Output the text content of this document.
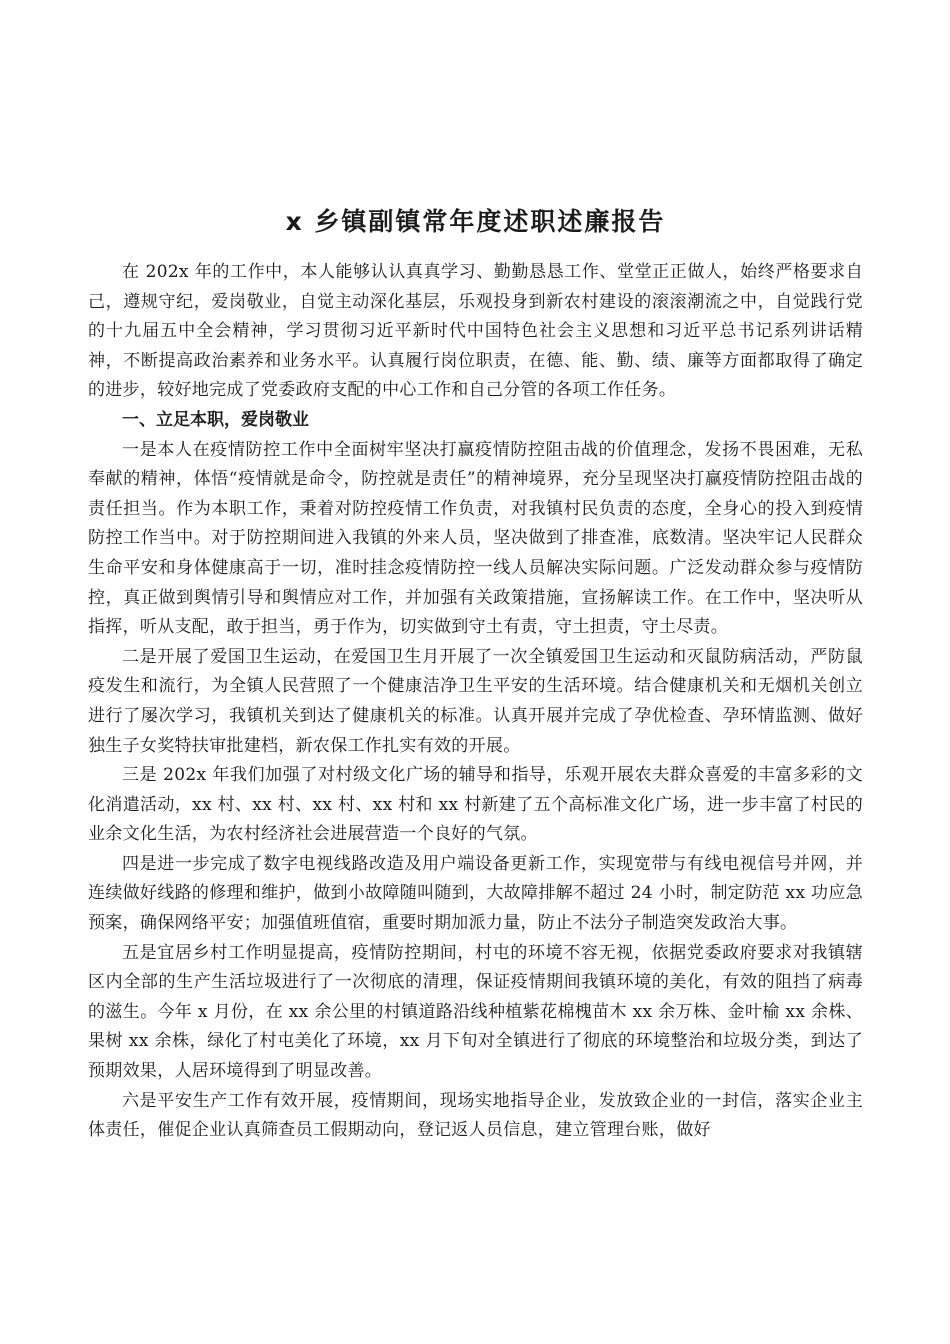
x 乡镇副镇常年度述职述廉报告

在 202x 年的工作中，本人能够认认真真学习、勤勤恳恳工作、堂堂正正做人，始终严格要求自己，遵规守纪，爱岗敬业，自觉主动深化基层，乐观投身到新农村建设的滚滚潮流之中，自觉践行党的十九届五中全会精神，学习贯彻习近平新时代中国特色社会主义思想和习近平总书记系列讲话精神，不断提高政治素养和业务水平。认真履行岗位职责，在德、能、勤、绩、廉等方面都取得了确定的进步，较好地完成了党委政府支配的中心工作和自己分管的各项工作任务。

一、立足本职，爱岗敬业

一是本人在疫情防控工作中全面树牢坚决打赢疫情防控阻击战的价值理念，发扬不畏困难，无私奉献的精神，体悟“疫情就是命令，防控就是责任”的精神境界，充分呈现坚决打赢疫情防控阻击战的责任担当。作为本职工作，秉着对防控疫情工作负责，对我镇村民负责的态度，全身心的投入到疫情防控工作当中。对于防控期间进入我镇的外来人员，坚决做到了排查准，底数清。坚决牢记人民群众生命平安和身体健康高于一切，准时挂念疫情防控一线人员解决实际问题。广泛发动群众参与疫情防控，真正做到舆情引导和舆情应对工作，并加强有关政策措施，宣扬解读工作。在工作中，坚决听从指挥，听从支配，敢于担当，勇于作为，切实做到守土有责，守土担责，守土尽责。

二是开展了爱国卫生运动，在爱国卫生月开展了一次全镇爱国卫生运动和灭鼠防病活动，严防鼠疫发生和流行，为全镇人民营照了一个健康洁净卫生平安的生活环境。结合健康机关和无烟机关创立进行了屡次学习，我镇机关到达了健康机关的标准。认真开展并完成了孕优检查、孕环情监测、做好独生子女奖特扶审批建档，新农保工作扎实有效的开展。

三是 202x 年我们加强了对村级文化广场的辅导和指导，乐观开展农夫群众喜爱的丰富多彩的文化消遣活动，xx 村、xx 村、xx 村、xx 村和 xx 村新建了五个高标准文化广场，进一步丰富了村民的业余文化生活，为农村经济社会进展营造一个良好的气氛。

四是进一步完成了数字电视线路改造及用户端设备更新工作，实现宽带与有线电视信号并网，并连续做好线路的修理和维护，做到小故障随叫随到，大故障排解不超过 24 小时，制定防范 xx 功应急预案，确保网络平安；加强值班值宿，重要时期加派力量，防止不法分子制造突发政治大事。

五是宜居乡村工作明显提高，疫情防控期间，村屯的环境不容无视，依据党委政府要求对我镇辖区内全部的生产生活垃圾进行了一次彻底的清理，保证疫情期间我镇环境的美化，有效的阻挡了病毒的滋生。今年 x 月份，在 xx 余公里的村镇道路沿线种植紫花棉槐苗木 xx 余万株、金叶榆 xx 余株、果树 xx 余株，绿化了村屯美化了环境，xx 月下旬对全镇进行了彻底的环境整治和垃圾分类，到达了预期效果，人居环境得到了明显改善。

六是平安生产工作有效开展，疫情期间，现场实地指导企业，发放致企业的一封信，落实企业主体责任，催促企业认真筛查员工假期动向，登记返人员信息，建立管理台账，做好
